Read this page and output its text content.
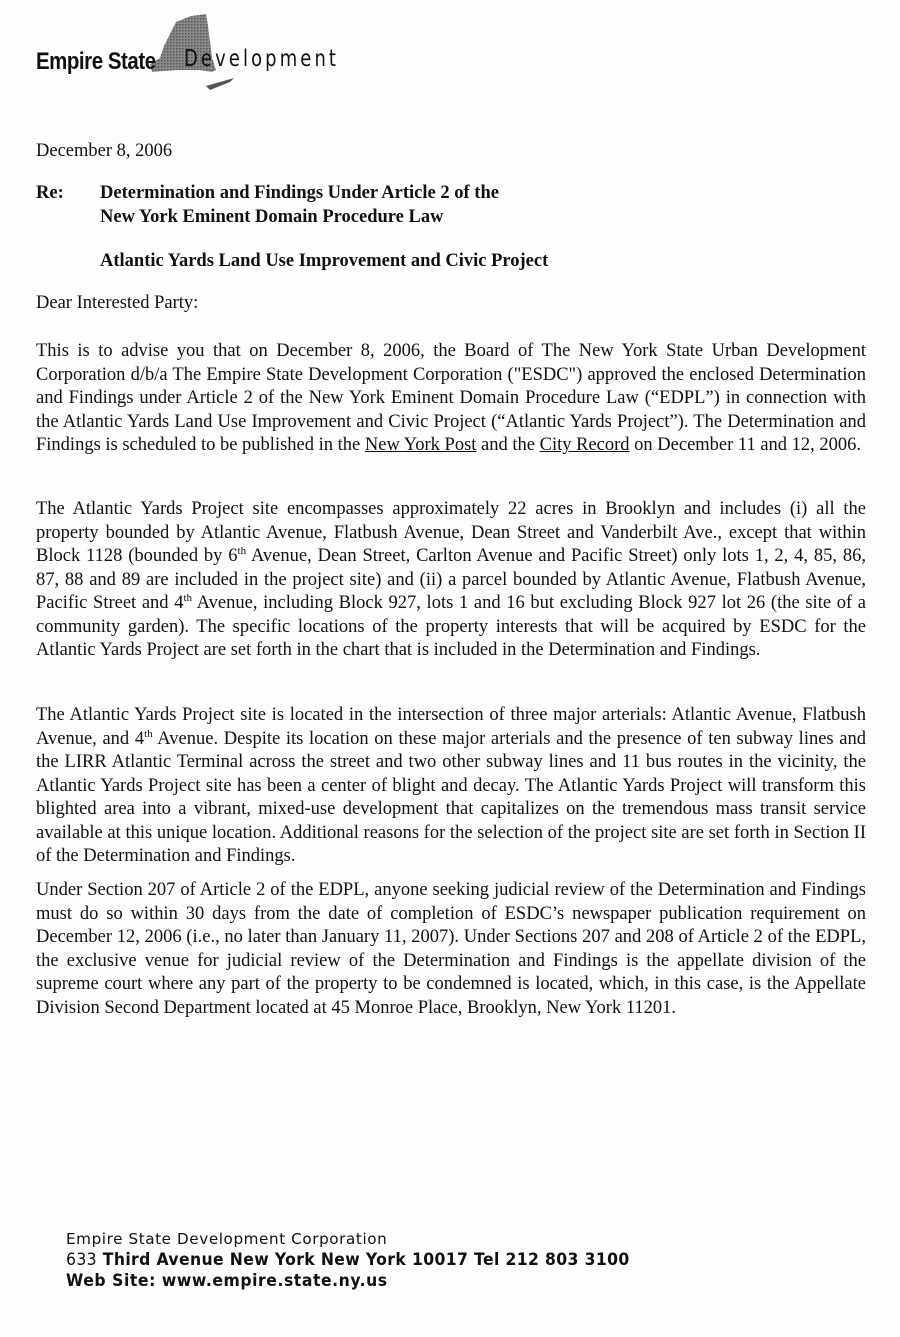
Empire State Development
December 8, 2006
Re: Determination and Findings Under Article 2 of the
New York Eminent Domain Procedure Law
Atlantic Yards Land Use Improvement and Civic Project
Dear Interested Party:
This is to advise you that on December 8, 2006, the Board of The New York State Urban Development Corporation d/b/a The Empire State Development Corporation ("ESDC") approved the enclosed Determination and Findings under Article 2 of the New York Eminent Domain Procedure Law (“EDPL”) in connection with the Atlantic Yards Land Use Improvement and Civic Project (“Atlantic Yards Project”). The Determination and Findings is scheduled to be published in the New York Post and the City Record on December 11 and 12, 2006.
The Atlantic Yards Project site encompasses approximately 22 acres in Brooklyn and includes (i) all the property bounded by Atlantic Avenue, Flatbush Avenue, Dean Street and Vanderbilt Ave., except that within Block 1128 (bounded by 6th Avenue, Dean Street, Carlton Avenue and Pacific Street) only lots 1, 2, 4, 85, 86, 87, 88 and 89 are included in the project site) and (ii) a parcel bounded by Atlantic Avenue, Flatbush Avenue, Pacific Street and 4th Avenue, including Block 927, lots 1 and 16 but excluding Block 927 lot 26 (the site of a community garden). The specific locations of the property interests that will be acquired by ESDC for the Atlantic Yards Project are set forth in the chart that is included in the Determination and Findings.
The Atlantic Yards Project site is located in the intersection of three major arterials: Atlantic Avenue, Flatbush Avenue, and 4th Avenue. Despite its location on these major arterials and the presence of ten subway lines and the LIRR Atlantic Terminal across the street and two other subway lines and 11 bus routes in the vicinity, the Atlantic Yards Project site has been a center of blight and decay. The Atlantic Yards Project will transform this blighted area into a vibrant, mixed-use development that capitalizes on the tremendous mass transit service available at this unique location. Additional reasons for the selection of the project site are set forth in Section II of the Determination and Findings.
Under Section 207 of Article 2 of the EDPL, anyone seeking judicial review of the Determination and Findings must do so within 30 days from the date of completion of ESDC’s newspaper publication requirement on December 12, 2006 (i.e., no later than January 11, 2007). Under Sections 207 and 208 of Article 2 of the EDPL, the exclusive venue for judicial review of the Determination and Findings is the appellate division of the supreme court where any part of the property to be condemned is located, which, in this case, is the Appellate Division Second Department located at 45 Monroe Place, Brooklyn, New York 11201.
Empire State Development Corporation
633 Third Avenue New York New York 10017 Tel 212 803 3100
Web Site: www.empire.state.ny.us
